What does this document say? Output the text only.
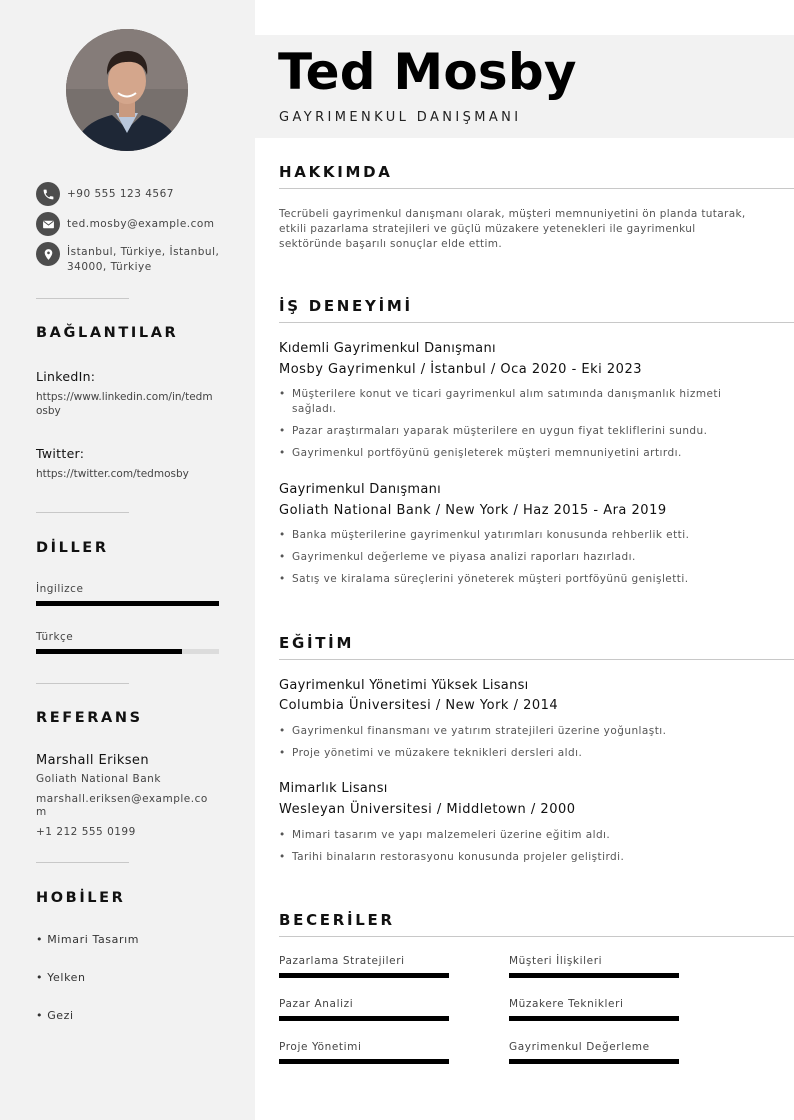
+90 555 123 4567
ted.mosby@example.com
İstanbul, Türkiye, İstanbul, 34000, Türkiye
BAĞLANTILAR
LinkedIn:
https://www.linkedin.com/in/tedmosby
Twitter:
https://twitter.com/tedmosby
DİLLER
İngilizce
Türkçe
REFERANS
Marshall Eriksen
Goliath National Bank
marshall.eriksen@example.com
+1 212 555 0199
HOBİLER
• Mimari Tasarım
• Yelken
• Gezi
Ted Mosby
GAYRIMENKUL DANIŞMANI
HAKKIMDA
Tecrübeli gayrimenkul danışmanı olarak, müşteri memnuniyetini ön planda tutarak, etkili pazarlama stratejileri ve güçlü müzakere yetenekleri ile gayrimenkul sektöründe başarılı sonuçlar elde ettim.
İŞ DENEYİMİ
Kıdemli Gayrimenkul Danışmanı
Mosby Gayrimenkul / İstanbul / Oca 2020 - Eki 2023
• Müşterilere konut ve ticari gayrimenkul alım satımında danışmanlık hizmeti sağladı.
• Pazar araştırmaları yaparak müşterilere en uygun fiyat tekliflerini sundu.
• Gayrimenkul portföyünü genişleterek müşteri memnuniyetini artırdı.
Gayrimenkul Danışmanı
Goliath National Bank / New York / Haz 2015 - Ara 2019
• Banka müşterilerine gayrimenkul yatırımları konusunda rehberlik etti.
• Gayrimenkul değerleme ve piyasa analizi raporları hazırladı.
• Satış ve kiralama süreçlerini yöneterek müşteri portföyünü genişletti.
EĞİTİM
Gayrimenkul Yönetimi Yüksek Lisansı
Columbia Üniversitesi / New York / 2014
• Gayrimenkul finansmanı ve yatırım stratejileri üzerine yoğunlaştı.
• Proje yönetimi ve müzakere teknikleri dersleri aldı.
Mimarlık Lisansı
Wesleyan Üniversitesi / Middletown / 2000
• Mimari tasarım ve yapı malzemeleri üzerine eğitim aldı.
• Tarihi binaların restorasyonu konusunda projeler geliştirdi.
BECERİLER
Pazarlama Stratejileri	Müşteri İlişkileri
Pazar Analizi	Müzakere Teknikleri
Proje Yönetimi	Gayrimenkul Değerleme
